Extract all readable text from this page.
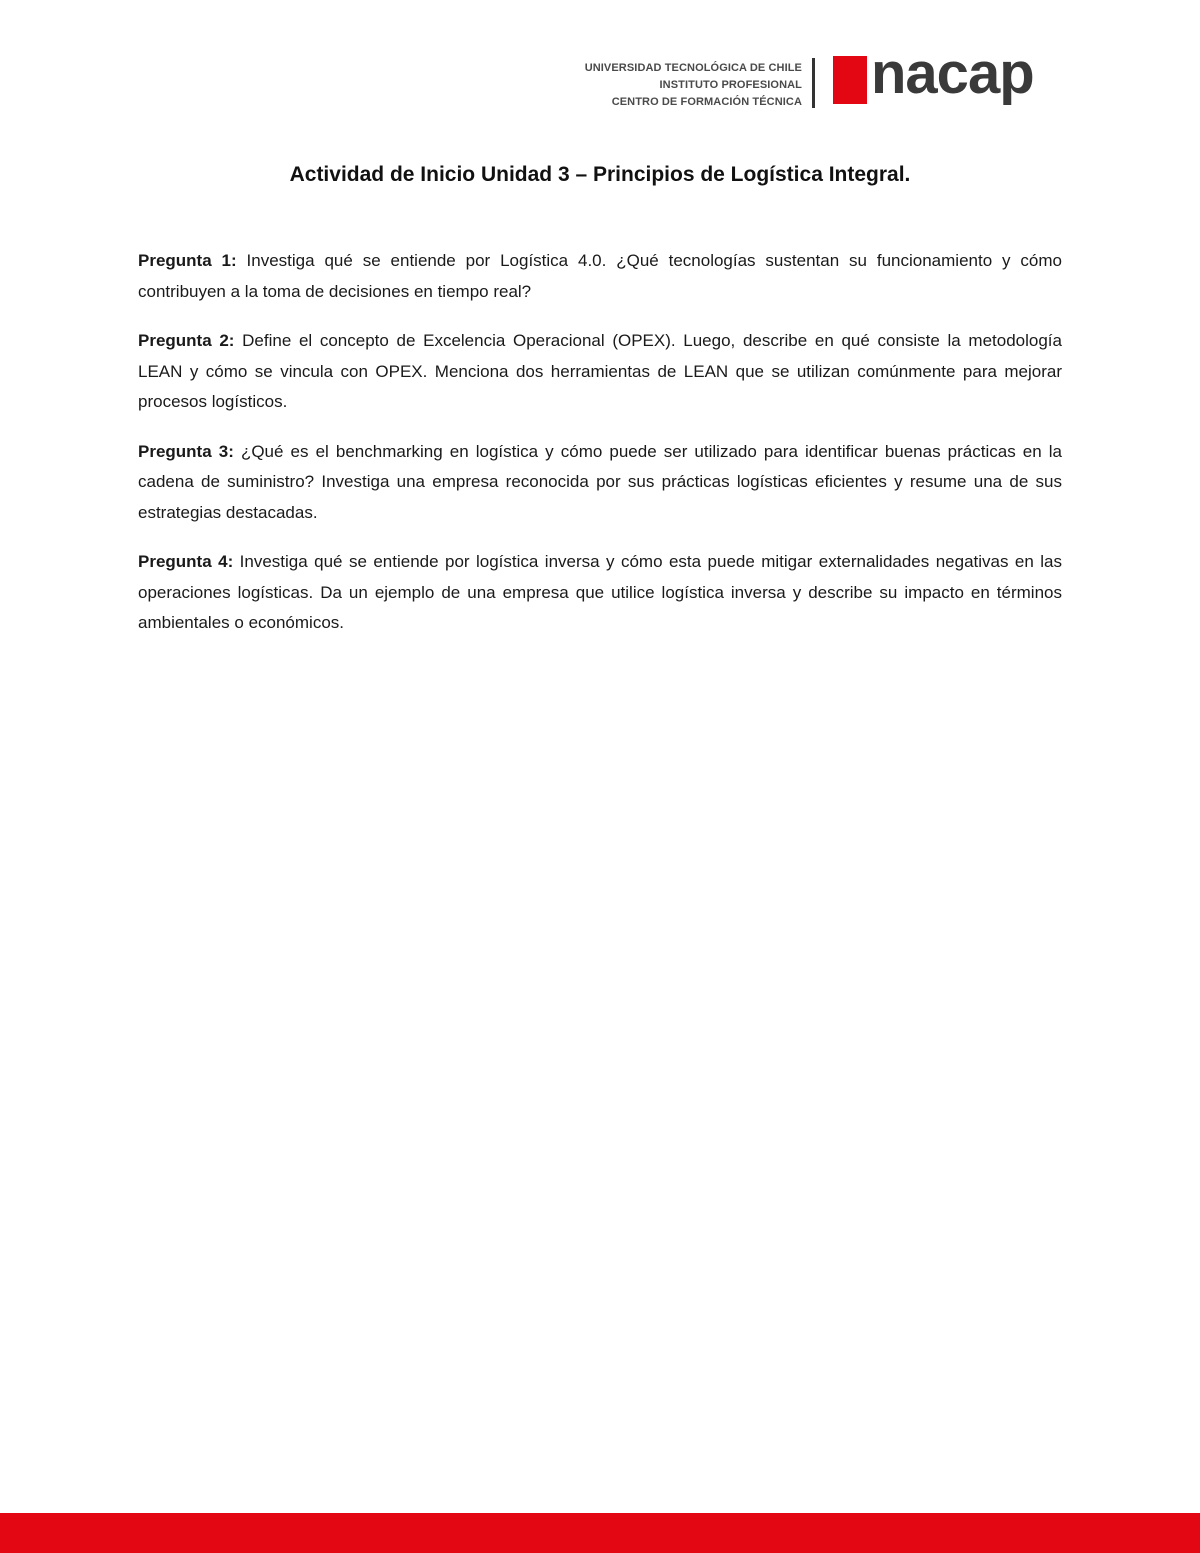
UNIVERSIDAD TECNOLÓGICA DE CHILE
INSTITUTO PROFESIONAL
CENTRO DE FORMACIÓN TÉCNICA nacap
Actividad de Inicio Unidad 3 – Principios de Logística Integral.

Pregunta 1: Investiga qué se entiende por Logística 4.0. ¿Qué tecnologías sustentan su funcionamiento y cómo contribuyen a la toma de decisiones en tiempo real?

Pregunta 2: Define el concepto de Excelencia Operacional (OPEX). Luego, describe en qué consiste la metodología LEAN y cómo se vincula con OPEX. Menciona dos herramientas de LEAN que se utilizan comúnmente para mejorar procesos logísticos.

Pregunta 3: ¿Qué es el benchmarking en logística y cómo puede ser utilizado para identificar buenas prácticas en la cadena de suministro? Investiga una empresa reconocida por sus prácticas logísticas eficientes y resume una de sus estrategias destacadas.

Pregunta 4: Investiga qué se entiende por logística inversa y cómo esta puede mitigar externalidades negativas en las operaciones logísticas. Da un ejemplo de una empresa que utilice logística inversa y describe su impacto en términos ambientales o económicos.
